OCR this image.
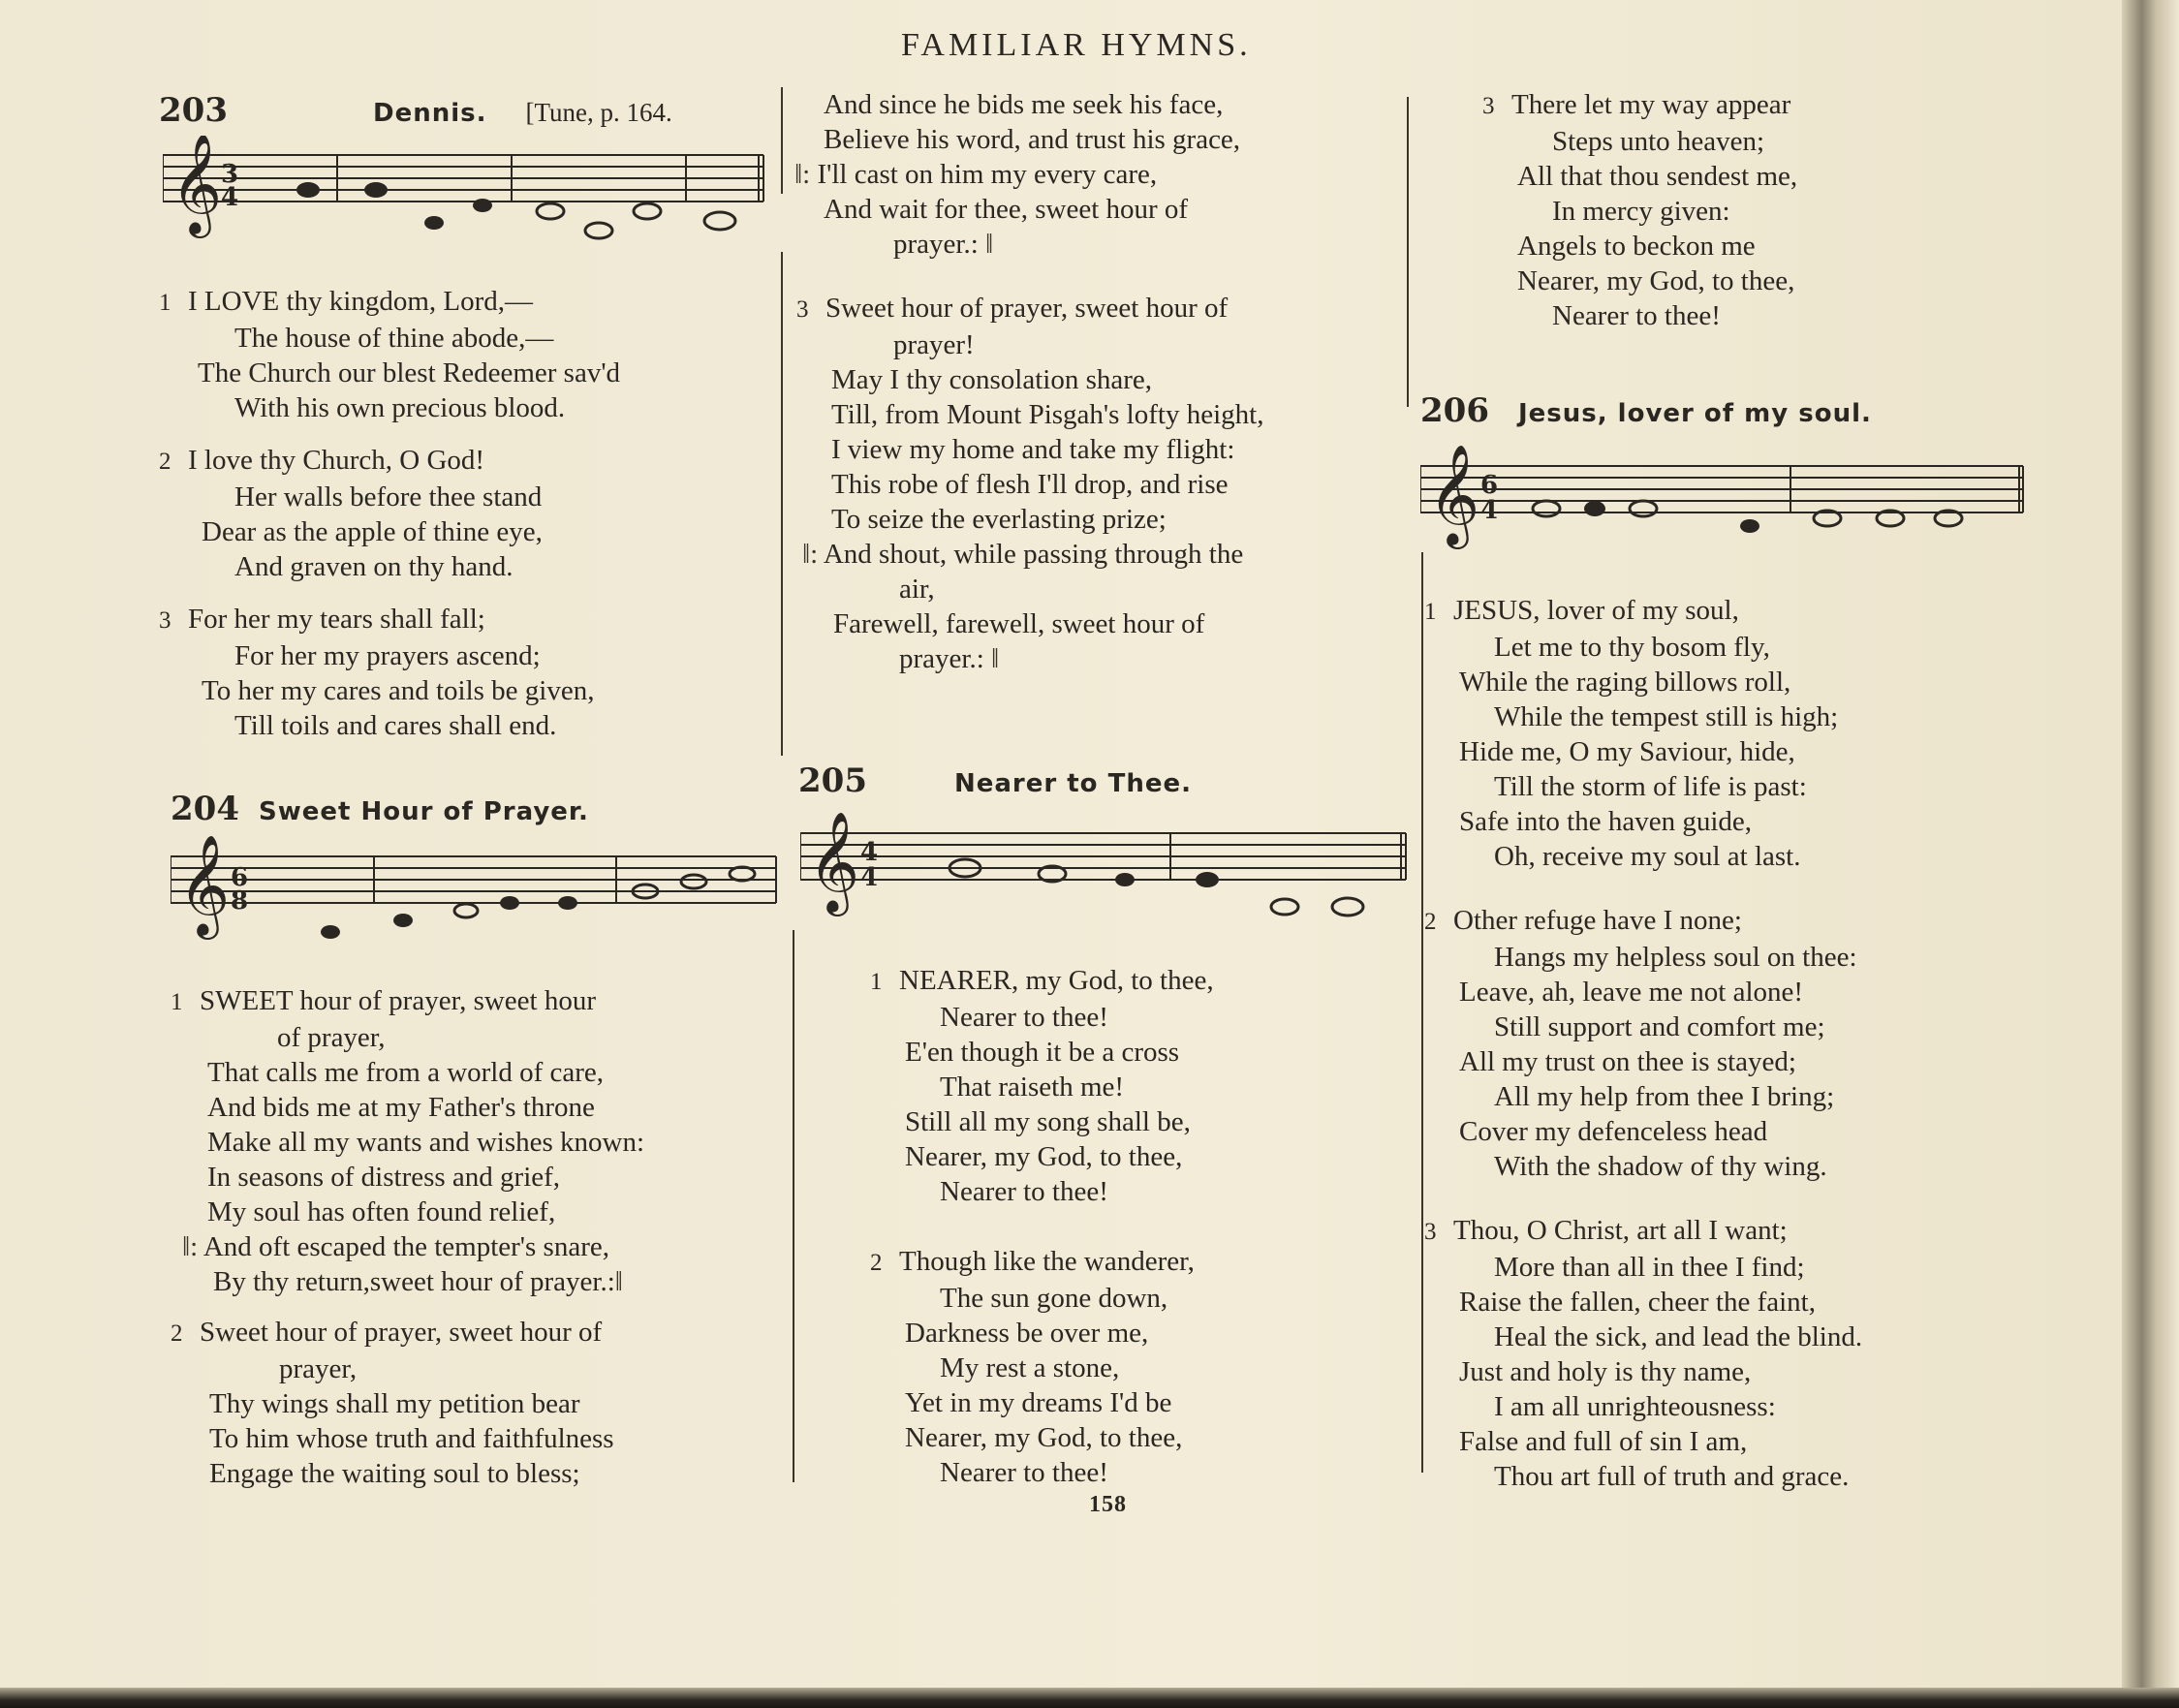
FAMILIAR HYMNS.
203	Dennis. [Tune, p. 164.
𝄞
3
4
1 I LOVE thy kingdom, Lord,—
The house of thine abode,—
The Church our blest Redeemer sav'd
With his own precious blood.
2 I love thy Church, O God!
Her walls before thee stand
Dear as the apple of thine eye,
And graven on thy hand.
3 For her my tears shall fall;
For her my prayers ascend;
To her my cares and toils be given,
Till toils and cares shall end.
204 Sweet Hour of Prayer.
𝄞 6
8
1 SWEET hour of prayer, sweet hour
of prayer,
That calls me from a world of care,
And bids me at my Father's throne
Make all my wants and wishes known:
In seasons of distress and grief,
My soul has often found relief,
‖: And oft escaped the tempter's snare,
By thy return,sweet hour of prayer.:‖
2 Sweet hour of prayer, sweet hour of
prayer,
Thy wings shall my petition bear
To him whose truth and faithfulness
Engage the waiting soul to bless;
And since he bids me seek his face,
Believe his word, and trust his grace,
‖: I'll cast on him my every care,
And wait for thee, sweet hour of
prayer.: ‖
3 Sweet hour of prayer, sweet hour of
prayer!
May I thy consolation share,
Till, from Mount Pisgah's lofty height,
I view my home and take my flight:
This robe of flesh I'll drop, and rise
To seize the everlasting prize;
‖: And shout, while passing through the
air,
Farewell, farewell, sweet hour of
prayer.: ‖
205	Nearer to Thee.
𝄞 4
4
1 NEARER, my God, to thee,
Nearer to thee!
E'en though it be a cross
That raiseth me!
Still all my song shall be,
Nearer, my God, to thee,
Nearer to thee!
2 Though like the wanderer,
The sun gone down,
Darkness be over me,
My rest a stone,
Yet in my dreams I'd be
Nearer, my God, to thee,
Nearer to thee!
3 There let my way appear
Steps unto heaven;
All that thou sendest me,
In mercy given:
Angels to beckon me
Nearer, my God, to thee,
Nearer to thee!
206 Jesus, lover of my soul.
𝄞 6
4
1 JESUS, lover of my soul,
Let me to thy bosom fly,
While the raging billows roll,
While the tempest still is high;
Hide me, O my Saviour, hide,
Till the storm of life is past:
Safe into the haven guide,
Oh, receive my soul at last.
2 Other refuge have I none;
Hangs my helpless soul on thee:
Leave, ah, leave me not alone!
Still support and comfort me;
All my trust on thee is stayed;
All my help from thee I bring;
Cover my defenceless head
With the shadow of thy wing.
3 Thou, O Christ, art all I want;
More than all in thee I find;
Raise the fallen, cheer the faint,
Heal the sick, and lead the blind.
Just and holy is thy name,
I am all unrighteousness:
False and full of sin I am,
Thou art full of truth and grace.
158
